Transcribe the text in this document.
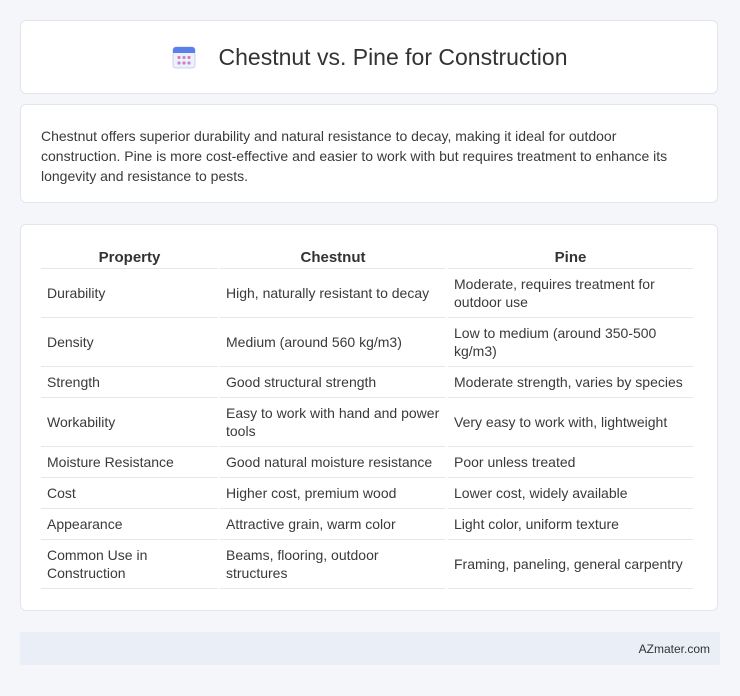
Chestnut vs. Pine for Construction

Chestnut offers superior durability and natural resistance to decay, making it ideal for outdoor construction. Pine is more cost-effective and easier to work with but requires treatment to enhance its longevity and resistance to pests.

Property	Chestnut	Pine
Durability	High, naturally resistant to decay	Moderate, requires treatment for outdoor use
Density	Medium (around 560 kg/m3)	Low to medium (around 350-500 kg/m3)
Strength	Good structural strength	Moderate strength, varies by species
Workability	Easy to work with hand and power tools	Very easy to work with, lightweight
Moisture Resistance	Good natural moisture resistance	Poor unless treated
Cost	Higher cost, premium wood	Lower cost, widely available
Appearance	Attractive grain, warm color	Light color, uniform texture
Common Use in Construction	Beams, flooring, outdoor structures	Framing, paneling, general carpentry
AZmater.com
